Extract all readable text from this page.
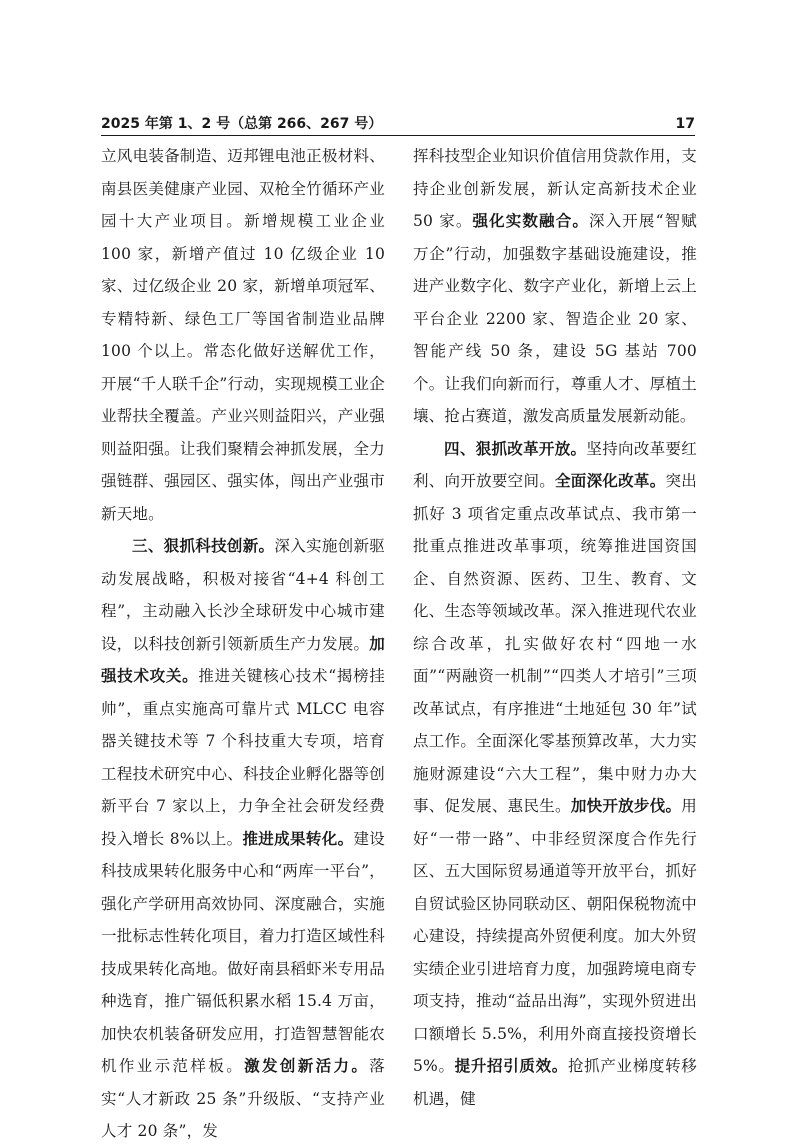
2025 年第 1、2 号（总第 266、267 号）	17

立风电装备制造、迈邦锂电池正极材料、南县医美健康产业园、双枪全竹循环产业园十大产业项目。新增规模工业企业 100 家，新增产值过 10 亿级企业 10 家、过亿级企业 20 家，新增单项冠军、专精特新、绿色工厂等国省制造业品牌 100 个以上。常态化做好送解优工作，开展“千人联千企”行动，实现规模工业企业帮扶全覆盖。产业兴则益阳兴，产业强则益阳强。让我们聚精会神抓发展，全力强链群、强园区、强实体，闯出产业强市新天地。

三、狠抓科技创新。深入实施创新驱动发展战略，积极对接省“4+4 科创工程”，主动融入长沙全球研发中心城市建设，以科技创新引领新质生产力发展。加强技术攻关。推进关键核心技术“揭榜挂帅”，重点实施高可靠片式 MLCC 电容器关键技术等 7 个科技重大专项，培育工程技术研究中心、科技企业孵化器等创新平台 7 家以上，力争全社会研发经费投入增长 8%以上。推进成果转化。建设科技成果转化服务中心和“两库一平台”，强化产学研用高效协同、深度融合，实施一批标志性转化项目，着力打造区域性科技成果转化高地。做好南县稻虾米专用品种选育，推广镉低积累水稻 15.4 万亩，加快农机装备研发应用，打造智慧智能农机作业示范样板。激发创新活力。落实“人才新政 25 条”升级版、“支持产业人才 20 条”，发

挥科技型企业知识价值信用贷款作用，支持企业创新发展，新认定高新技术企业 50 家。强化实数融合。深入开展“智赋万企”行动，加强数字基础设施建设，推进产业数字化、数字产业化，新增上云上平台企业 2200 家、智造企业 20 家、智能产线 50 条，建设 5G 基站 700 个。让我们向新而行，尊重人才、厚植土壤、抢占赛道，激发高质量发展新动能。

四、狠抓改革开放。坚持向改革要红利、向开放要空间。全面深化改革。突出抓好 3 项省定重点改革试点、我市第一批重点推进改革事项，统筹推进国资国企、自然资源、医药、卫生、教育、文化、生态等领域改革。深入推进现代农业综合改革，扎实做好农村“四地一水面”“两融资一机制”“四类人才培引”三项改革试点，有序推进“土地延包 30 年”试点工作。全面深化零基预算改革，大力实施财源建设“六大工程”，集中财力办大事、促发展、惠民生。加快开放步伐。用好“一带一路”、中非经贸深度合作先行区、五大国际贸易通道等开放平台，抓好自贸试验区协同联动区、朝阳保税物流中心建设，持续提高外贸便利度。加大外贸实绩企业引进培育力度，加强跨境电商专项支持，推动“益品出海”，实现外贸进出口额增长 5.5%，利用外商直接投资增长 5%。提升招引质效。抢抓产业梯度转移机遇，健
